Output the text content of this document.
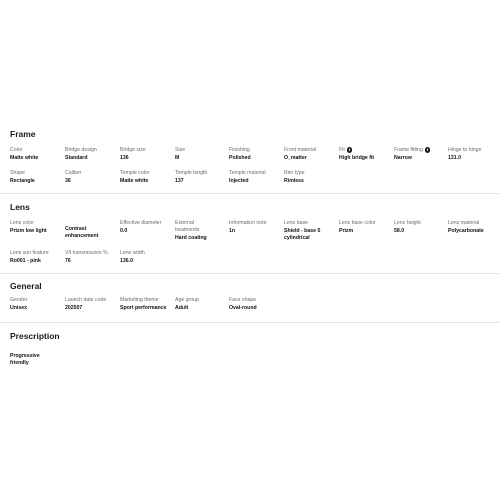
Frame
Lens
General
Prescription
Color
Matte white
Bridge design
Standard
Bridge size
136
Size
M
Finishing
Polished
Front material
O_matter
Fit i
High bridge fit
Frame fitting i
Narrow
Hinge to hinge
131.0
Shape
Rectangle
Caliber
36
Temple color
Matte white
Temple length
137
Temple material
Injected
Rim type
Rimless
Lens color
Prizm low light	Contrast
enhancement
Effective diameter
0.0
External
treatments
Hard coating
Information note
1n
Lens base
Shield - base 5
cylindrical
Lens base color
Prizm
Lens height
58.0
Lens material
Polycarbonate
Lens sun feature
Ro001 - pink
Vlt transmission %
76
Lens width
136.0
Gender
Unisex
Launch date code
202507
Marketing theme
Sport performance
Age group
Adult
Face shape
Oval-round
Progressive
friendly
